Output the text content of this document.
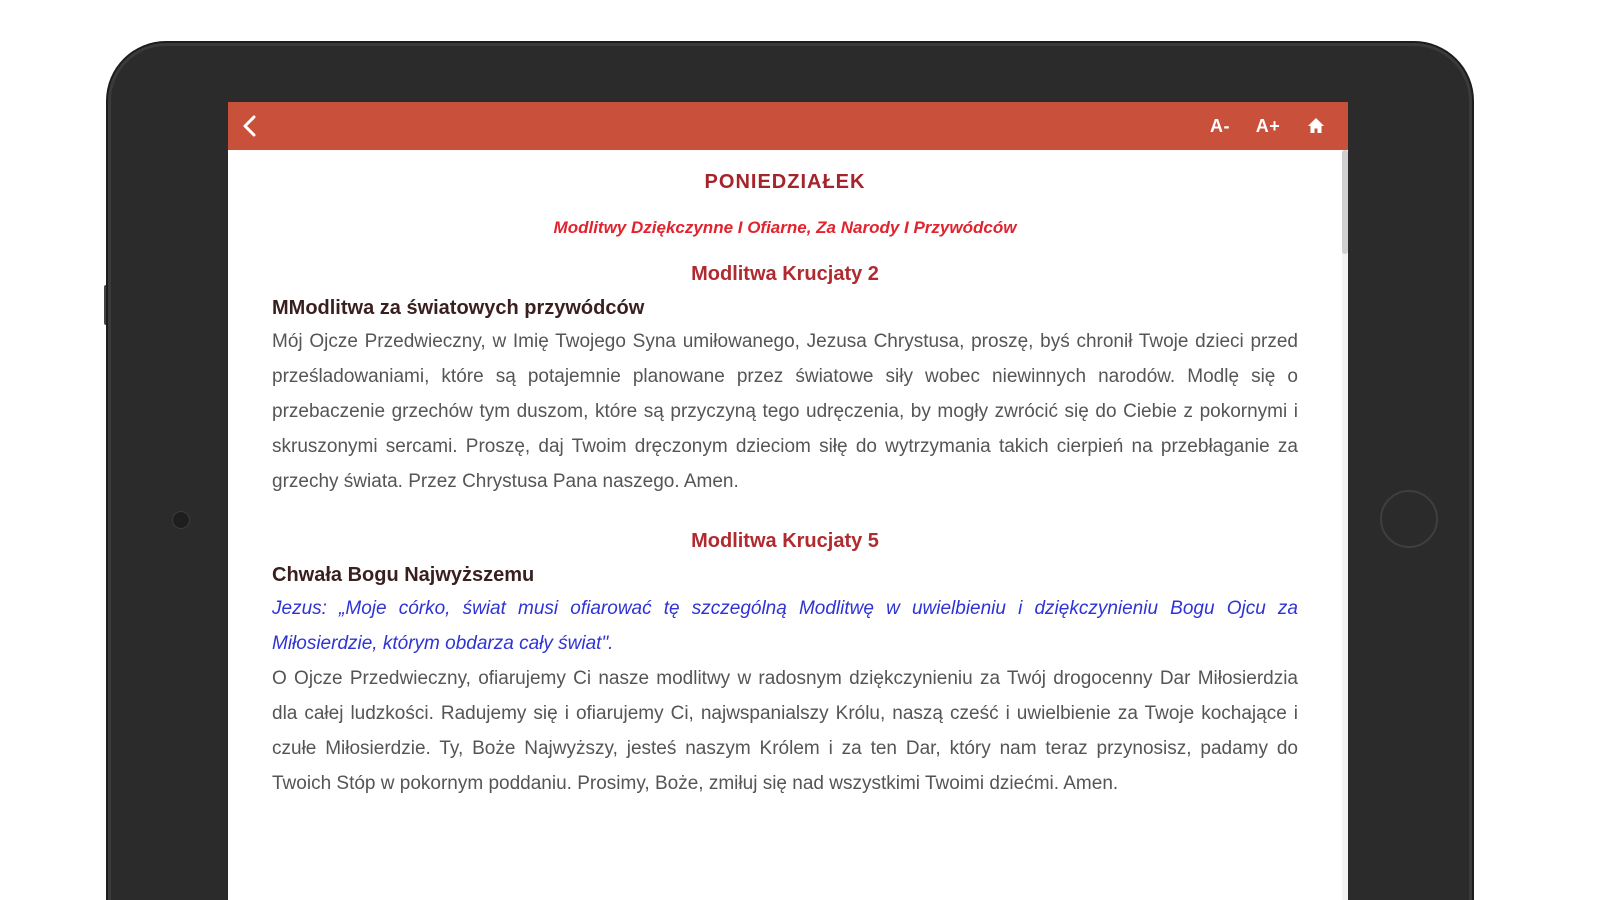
A-	A+
PONIEDZIAŁEK
Modlitwy Dziękczynne I Ofiarne, Za Narody I Przywódców
Modlitwa Krucjaty 2
MModlitwa za światowych przywódców

Mój Ojcze Przedwieczny, w Imię Twojego Syna umiłowanego, Jezusa Chrystusa, proszę, byś chronił Twoje dzieci przed prześladowaniami, które są potajemnie planowane przez światowe siły wobec niewinnych narodów. Modlę się o przebaczenie grzechów tym duszom, które są przyczyną tego udręczenia, by mogły zwrócić się do Ciebie z pokornymi i skruszonymi sercami. Proszę, daj Twoim dręczonym dzieciom siłę do wytrzymania takich cierpień na przebłaganie za grzechy świata. Przez Chrystusa Pana naszego. Amen.

Modlitwa Krucjaty 5
Chwała Bogu Najwyższemu

Jezus: „Moje córko, świat musi ofiarować tę szczególną Modlitwę w uwielbieniu i dziękczynieniu Bogu Ojcu za Miłosierdzie, którym obdarza cały świat".

O Ojcze Przedwieczny, ofiarujemy Ci nasze modlitwy w radosnym dziękczynieniu za Twój drogocenny Dar Miłosierdzia dla całej ludzkości. Radujemy się i ofiarujemy Ci, najwspanialszy Królu, naszą cześć i uwielbienie za Twoje kochające i czułe Miłosierdzie. Ty, Boże Najwyższy, jesteś naszym Królem i za ten Dar, który nam teraz przynosisz, padamy do Twoich Stóp w pokornym poddaniu. Prosimy, Boże, zmiłuj się nad wszystkimi Twoimi dziećmi. Amen.
